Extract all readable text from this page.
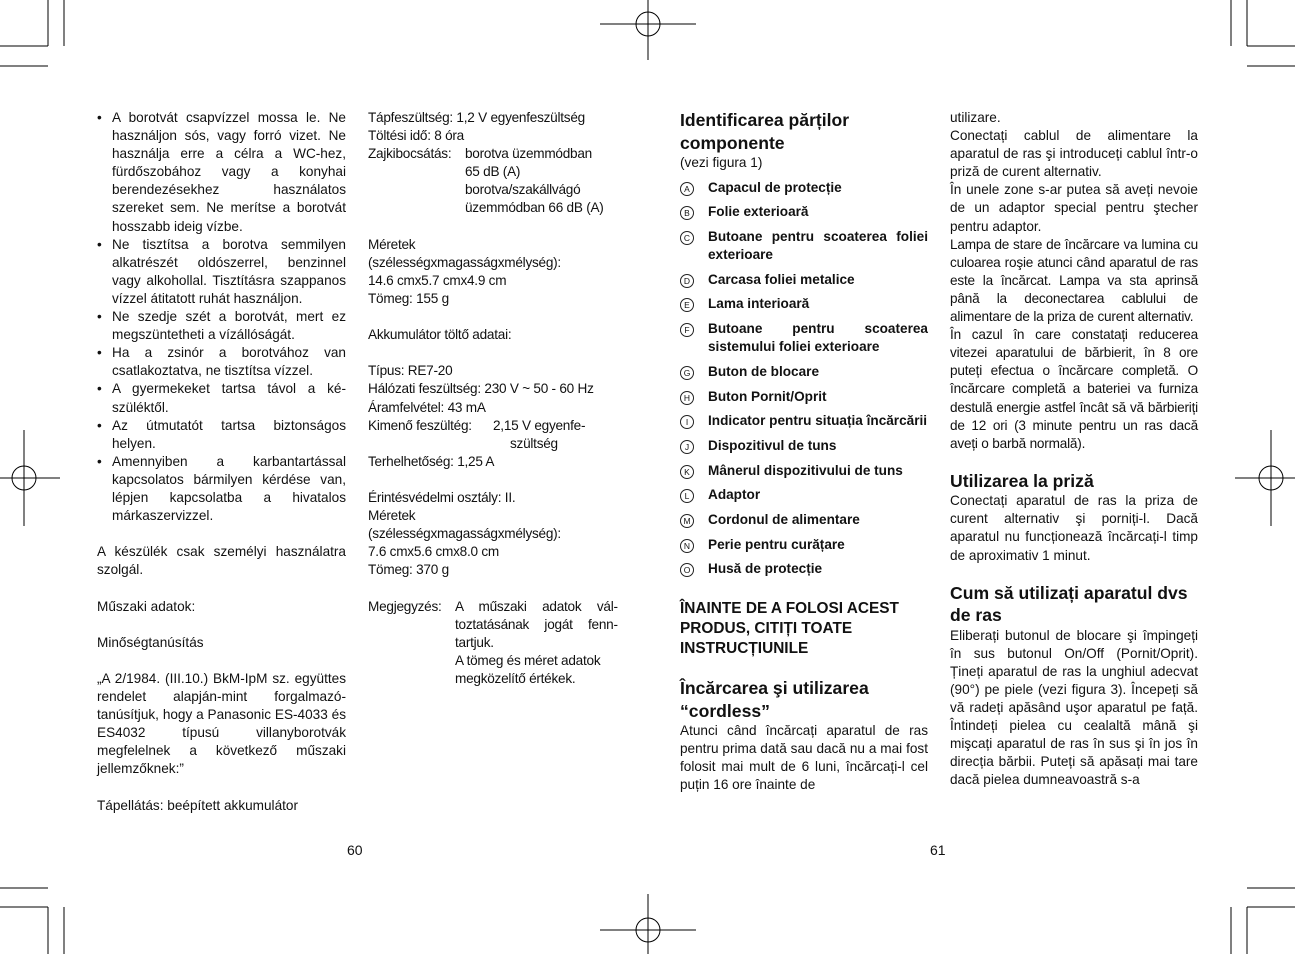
• A borotvát csapvízzel mossa le. Ne használjon sós, vagy forró vizet. Ne használja erre a célra a WC-hez, fürdőszobához vagy a konyhai berendezésekhez használatos szereket sem. Ne merítse a borotvát hosszabb ideig vízbe.
• Ne tisztítsa a borotva semmilyen alkatrészét oldószerrel, benzinnel vagy alkohollal. Tisztításra szappanos vízzel átitatott ruhát használjon.
• Ne szedje szét a borotvát, mert ez megszüntetheti a vízállóságát.
• Ha a zsinór a borotvához van csatlakoztatva, ne tisztítsa vízzel.
• A gyermekeket tartsa távol a készüléktől.
• Az útmutatót tartsa biztonságos helyen.
• Amennyiben a karbantartással kapcsolatos bármilyen kérdése van, lépjen kapcsolatba a hivatalos márkaszervizzel.

A készülék csak személyi használatra szolgál.

Műszaki adatok:

Minőségtanúsítás

„A 2/1984. (III.10.) BkM-IpM sz. együttes rendelet alapján-mint forgalmazó-tanúsítjuk, hogy a Panasonic ES-4033 és ES4032 típusú villanyborotvák megfelelnek a következő műszaki jellemzőknek:”

Tápellátás: beépített akkumulátor

Tápfeszültség: 1,2 V egyenfeszültség

Töltési idő: 8 óra

Zajkibocsátás:	borotva üzemmódban
65 dB (A)
borotva/szakállvágó
üzemmódban 66 dB (A)

Méretek

(szélességxmagasságxmélység):

14.6 cmx5.7 cmx4.9 cm

Tömeg: 155 g

Akkumulátor töltő adatai:

Típus: RE7-20

Hálózati feszültség: 230 V ~ 50 - 60 Hz

Áramfelvétel: 43 mA

Kimenő feszültég:	2,15 V egyenfe-
szültség

Terhelhetőség: 1,25 A

Érintésvédelmi osztály: II.

Méretek

(szélességxmagasságxmélység):

7.6 cmx5.6 cmx8.0 cm

Tömeg: 370 g

Megjegyzés: A műszaki adatok változtatásának jogát fenntartjuk.
A tömeg és méret adatok megközelítő értékek.
60
Identificarea părților componente

(vezi figura 1)

A	Capacul de protecție
B	Folie exterioară
C	Butoane pentru scoaterea foliei exterioare
D	Carcasa foliei metalice
E	Lama interioară
F	Butoane pentru scoaterea sistemului foliei exterioare
G	Buton de blocare
H	Buton Pornit/Oprit
I	Indicator pentru situația încărcării
J	Dispozitivul de tuns
K	Mânerul dispozitivului de tuns
L	Adaptor
M	Cordonul de alimentare
N	Perie pentru curățare
O	Husă de protecție
ÎNAINTE DE A FOLOSI ACEST PRODUS, CITIȚI TOATE INSTRUCȚIUNILE
Încărcarea şi utilizarea “cordless”

Atunci când încărcați aparatul de ras pentru prima dată sau dacă nu a mai fost folosit mai mult de 6 luni, încărcați-l cel puțin 16 ore înainte de

utilizare.

Conectați cablul de alimentare la aparatul de ras şi introduceți cablul într-o priză de curent alternativ.

În unele zone s-ar putea să aveți nevoie de un adaptor special pentru ştecher pentru adaptor.

Lampa de stare de încărcare va lumina cu culoarea roşie atunci când aparatul de ras este la încărcat. Lampa va sta aprinsă până la deconectarea cablului de alimentare de la priza de curent alternativ.

În cazul în care constatați reducerea vitezei aparatului de bărbierit, în 8 ore puteți efectua o încărcare completă. O încărcare completă a bateriei va furniza destulă energie astfel încât să vă bărbieriți de 12 ori (3 minute pentru un ras dacă aveți o barbă normală).

Utilizarea la priză

Conectați aparatul de ras la priza de curent alternativ şi porniți-l. Dacă aparatul nu funcționează încărcați-l timp de aproximativ 1 minut.

Cum să utilizați aparatul dvs de ras

Eliberați butonul de blocare şi împingeți în sus butonul On/Off (Pornit/Oprit). Țineți aparatul de ras la unghiul adecvat (90°) pe piele (vezi figura 3). Începeți să vă radeți apăsând uşor aparatul pe față. Întindeți pielea cu cealaltă mână şi mişcați aparatul de ras în sus şi în jos în direcția bărbii. Puteți să apăsați mai tare dacă pielea dumneavoastră s-a

61
